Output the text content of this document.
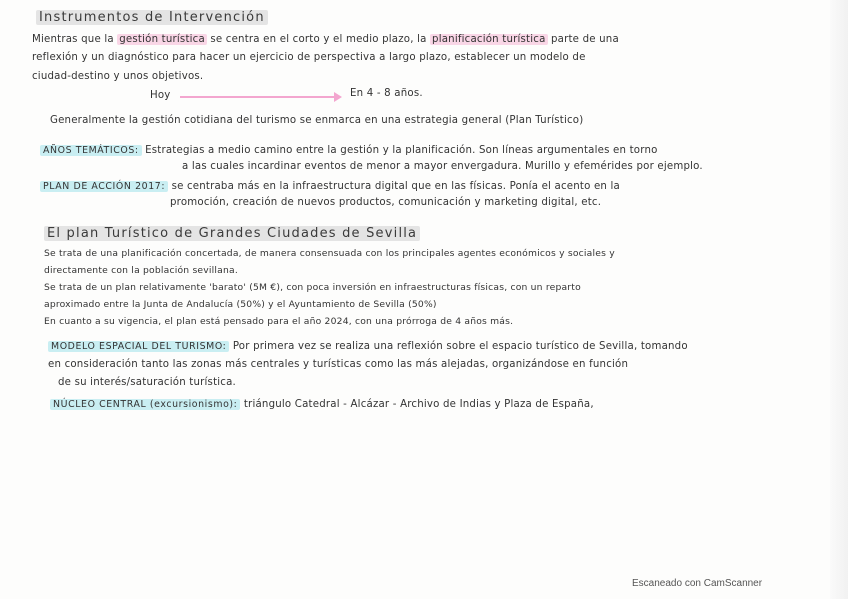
Instrumentos de Intervención
Mientras que la gestión turística se centra en el corto y el medio plazo, la planificación turística parte de una
reflexión y un diagnóstico para hacer un ejercicio de perspectiva a largo plazo, establecer un modelo de
ciudad-destino y unos objetivos.
Hoy	En 4 - 8 años.
Generalmente la gestión cotidiana del turismo se enmarca en una estrategia general (Plan Turístico)
AÑOS TEMÁTICOS: Estrategias a medio camino entre la gestión y la planificación. Son líneas argumentales en torno
a las cuales incardinar eventos de menor a mayor envergadura. Murillo y efemérides por ejemplo.
PLAN DE ACCIÓN 2017: se centraba más en la infraestructura digital que en las físicas. Ponía el acento en la
promoción, creación de nuevos productos, comunicación y marketing digital, etc.
El plan Turístico de Grandes Ciudades de Sevilla
Se trata de una planificación concertada, de manera consensuada con los principales agentes económicos y sociales y
directamente con la población sevillana.
Se trata de un plan relativamente 'barato' (5M €), con poca inversión en infraestructuras físicas, con un reparto
aproximado entre la Junta de Andalucía (50%) y el Ayuntamiento de Sevilla (50%)
En cuanto a su vigencia, el plan está pensado para el año 2024, con una prórroga de 4 años más.
MODELO ESPACIAL DEL TURISMO: Por primera vez se realiza una reflexión sobre el espacio turístico de Sevilla, tomando
en consideración tanto las zonas más centrales y turísticas como las más alejadas, organizándose en función
de su interés/saturación turística.
NÚCLEO CENTRAL (excursionismo): triángulo Catedral - Alcázar - Archivo de Indias y Plaza de España,
Escaneado con CamScanner
